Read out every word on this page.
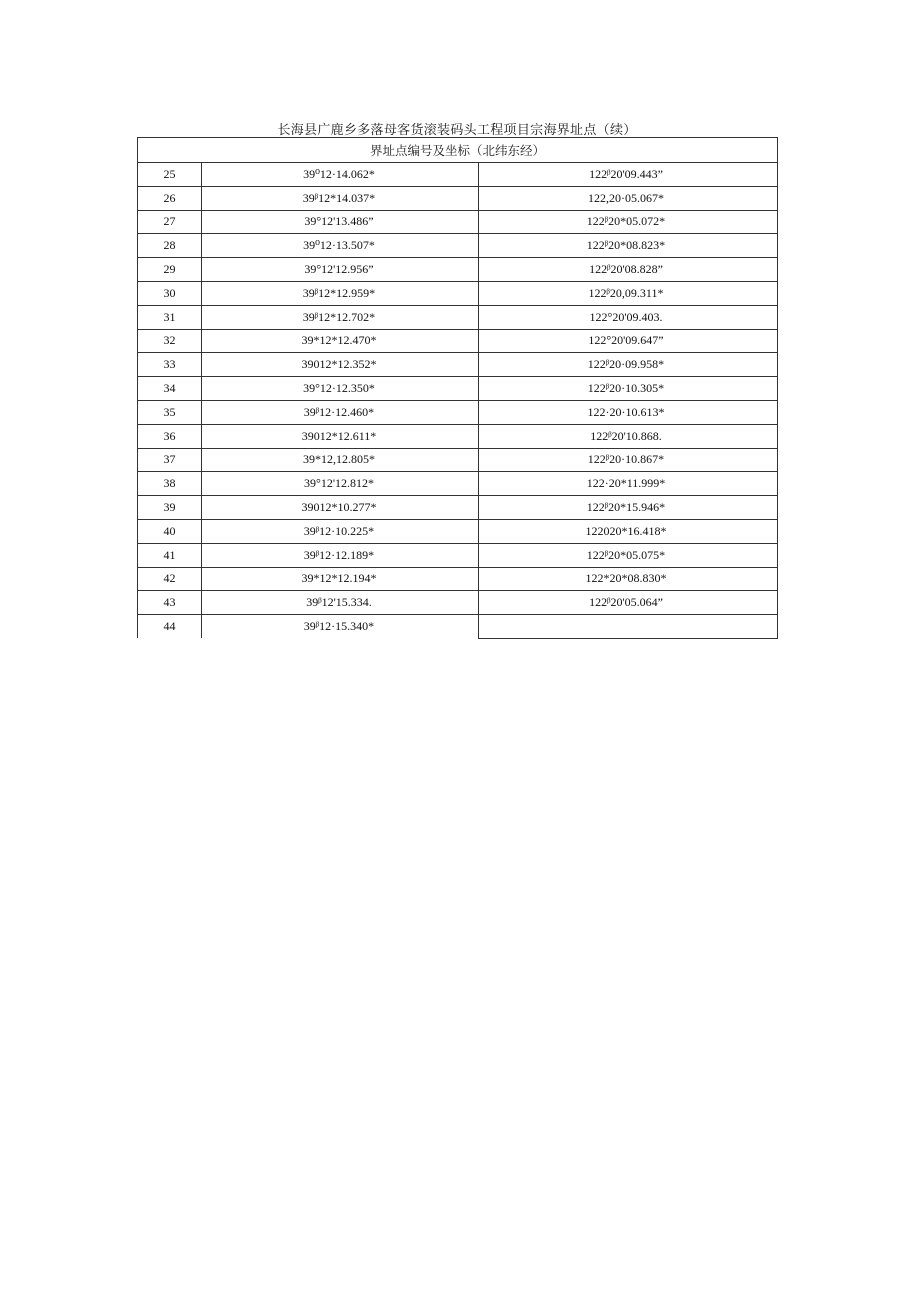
长海县广鹿乡多落母客货滚装码头工程项目宗海界址点（续）
界址点编号及坐标（北纬东经）		
25	39⁰12·14.062*	122ᵝ20'09.443”
26	39ᵝ12*14.037*	122,20·05.067*
27	39°12'13.486”	122ᵝ20*05.072*
28	39⁰12·13.507*	122ᵝ20*08.823*
29	39°12'12.956”	122ᵝ20'08.828”
30	39ᵝ12*12.959*	122ᵝ20,09.311*
31	39ᵝ12*12.702*	122°20'09.403.
32	39*12*12.470*	122°20'09.647”
33	39012*12.352*	122ᵝ20·09.958*
34	39°12·12.350*	122ᵝ20·10.305*
35	39ᵝ12·12.460*	122·20·10.613*
36	39012*12.611*	122ᵝ20'10.868.
37	39*12,12.805*	122ᵝ20·10.867*
38	39°12'12.812*	122·20*11.999*
39	39012*10.277*	122ᵝ20*15.946*
40	39ᵝ12·10.225*	122020*16.418*
41	39ᵝ12·12.189*	122ᵝ20*05.075*
42	39*12*12.194*	122*20*08.830*
43	39ᵝ12'15.334.	122ᵝ20'05.064”
44	39ᵝ12·15.340*	
